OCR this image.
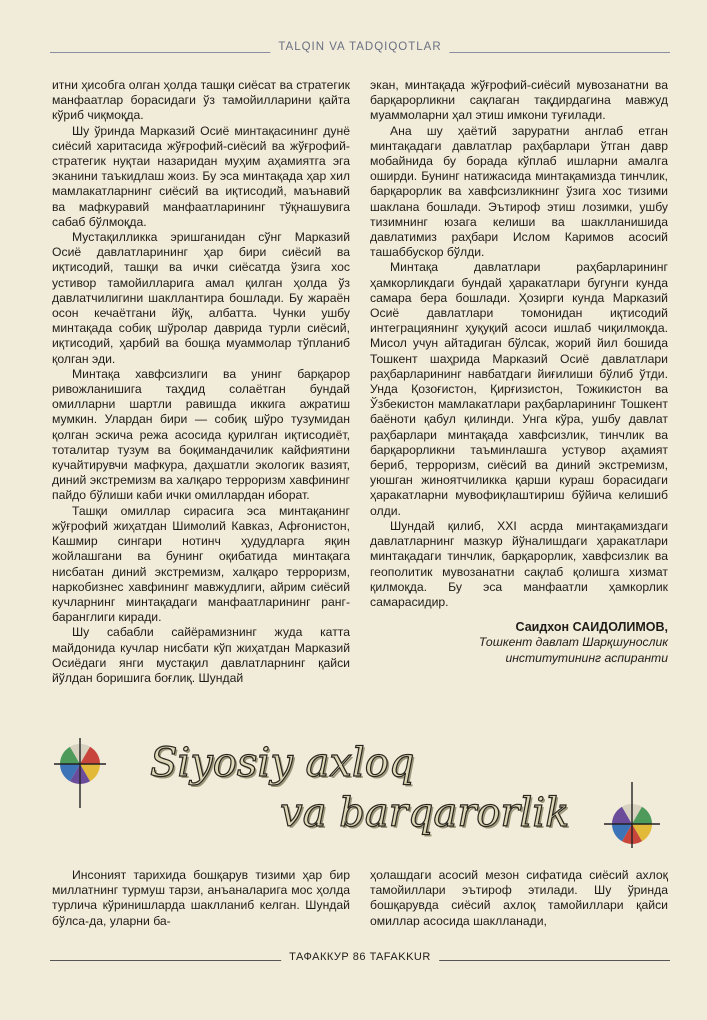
TALQIN VA TADQIQOTLAR

итни ҳисобга олган ҳолда ташқи сиёсат ва стратегик манфаатлар борасидаги ўз тамойилларини қайта кўриб чиқмоқда.

Шу ўринда Марказий Осиё минтақасининг дунё сиёсий харитасида жўғрофий-сиёсий ва жўғрофий-стратегик нуқтаи назаридан муҳим аҳамиятга эга эканини таъкидлаш жоиз. Бу эса минтақада ҳар хил мамлакатларнинг сиёсий ва иқтисодий, маънавий ва мафкуравий манфаатларининг тўқнашувига сабаб бўлмоқда.

Мустақилликка эришганидан сўнг Марказий Осиё давлатларининг ҳар бири сиёсий ва иқтисодий, ташқи ва ички сиёсатда ўзига хос устивор тамойилларига амал қилган ҳолда ўз давлатчилигини шакллантира бошлади. Бу жараён осон кечаётгани йўқ, албатта. Чунки ушбу минтақада собиқ шўролар даврида турли сиёсий, иқтисодий, ҳарбий ва бошқа муаммолар тўпланиб қолган эди.

Минтақа хавфсизлиги ва унинг барқарор ривожланишига таҳдид солаётган бундай омилларни шартли равишда иккига ажратиш мумкин. Улардан бири — собиқ шўро тузумидан қолган эскича режа асосида қурилган иқтисодиёт, тоталитар тузум ва боқимандачилик кайфиятини кучайтирувчи мафкура, даҳшатли экологик вазият, диний экстремизм ва халқаро терроризм хавфининг пайдо бўлиши каби ички омиллардан иборат.

Ташқи омиллар сирасига эса минтақанинг жўғрофий жиҳатдан Шимолий Кавказ, Афғонистон, Кашмир сингари нотинч ҳудудларга яқин жойлашгани ва бунинг оқибатида минтақага нисбатан диний экстремизм, халқаро терроризм, наркобизнес хавфининг мавжудлиги, айрим сиёсий кучларнинг минтақадаги манфаатларининг ранг-баранглиги киради.

Шу сабабли сайёрамизнинг жуда катта майдонида кучлар нисбати кўп жиҳатдан Марказий Осиёдаги янги мустақил давлатларнинг қайси йўлдан боришига боғлиқ. Шундай

экан, минтақада жўғрофий-сиёсий мувозанатни ва барқарорликни сақлаган тақдирдагина мавжуд муаммоларни ҳал этиш имкони туғилади.

Ана шу ҳаётий заруратни англаб етган минтақадаги давлатлар раҳбарлари ўтган давр мобайнида бу борада кўплаб ишларни амалга оширди. Бунинг натижасида минтақамизда тинчлик, барқарорлик ва хавфсизликнинг ўзига хос тизими шаклана бошлади. Эътироф этиш лозимки, ушбу тизимнинг юзага келиши ва шаклланишида давлатимиз раҳбари Ислом Каримов асосий ташаббускор бўлди.

Минтақа давлатлари раҳбарларининг ҳамкорликдаги бундай ҳаракатлари бугунги кунда самара бера бошлади. Ҳозирги кунда Марказий Осиё давлатлари томонидан иқтисодий интеграциянинг ҳуқуқий асоси ишлаб чиқилмоқда. Мисол учун айтадиган бўлсак, жорий йил бошида Тошкент шаҳрида Марказий Осиё давлатлари раҳбарларининг навбатдаги йиғилиши бўлиб ўтди. Унда Қозоғистон, Қирғизистон, Тожикистон ва Ўзбекистон мамлакатлари раҳбарларининг Тошкент баёноти қабул қилинди. Унга кўра, ушбу давлат раҳбарлари минтақада хавфсизлик, тинчлик ва барқарорликни таъминлашга устувор аҳамият бериб, терроризм, сиёсий ва диний экстремизм, уюшган жиноятчиликка қарши кураш борасидаги ҳаракатларни мувофиқлаштириш бўйича келишиб олди.

Шундай қилиб, XXI асрда минтақамиздаги давлатларнинг мазкур йўналишдаги ҳаракатлари минтақадаги тинчлик, барқарорлик, хавфсизлик ва геополитик мувозанатни сақлаб қолишга хизмат қилмоқда. Бу эса манфаатли ҳамкорлик самарасидир.

Саидхон САИДОЛИМОВ,
Тошкент давлат Шарқшунослик
институтининг аспиранти
Siyosiy axloq
va barqarorlik

Инсоният тарихида бошқарув тизими ҳар бир миллатнинг турмуш тарзи, анъаналарига мос ҳолда турлича кўринишларда шаклланиб келган. Шундай бўлса-да, уларни ба-

ҳолашдаги асосий мезон сифатида сиёсий ахлоқ тамойиллари эътироф этилади. Шу ўринда бошқарувда сиёсий ахлоқ тамойиллари қайси омиллар асосида шаклланади,

ТАФАККУР 86 TAFAKKUR
